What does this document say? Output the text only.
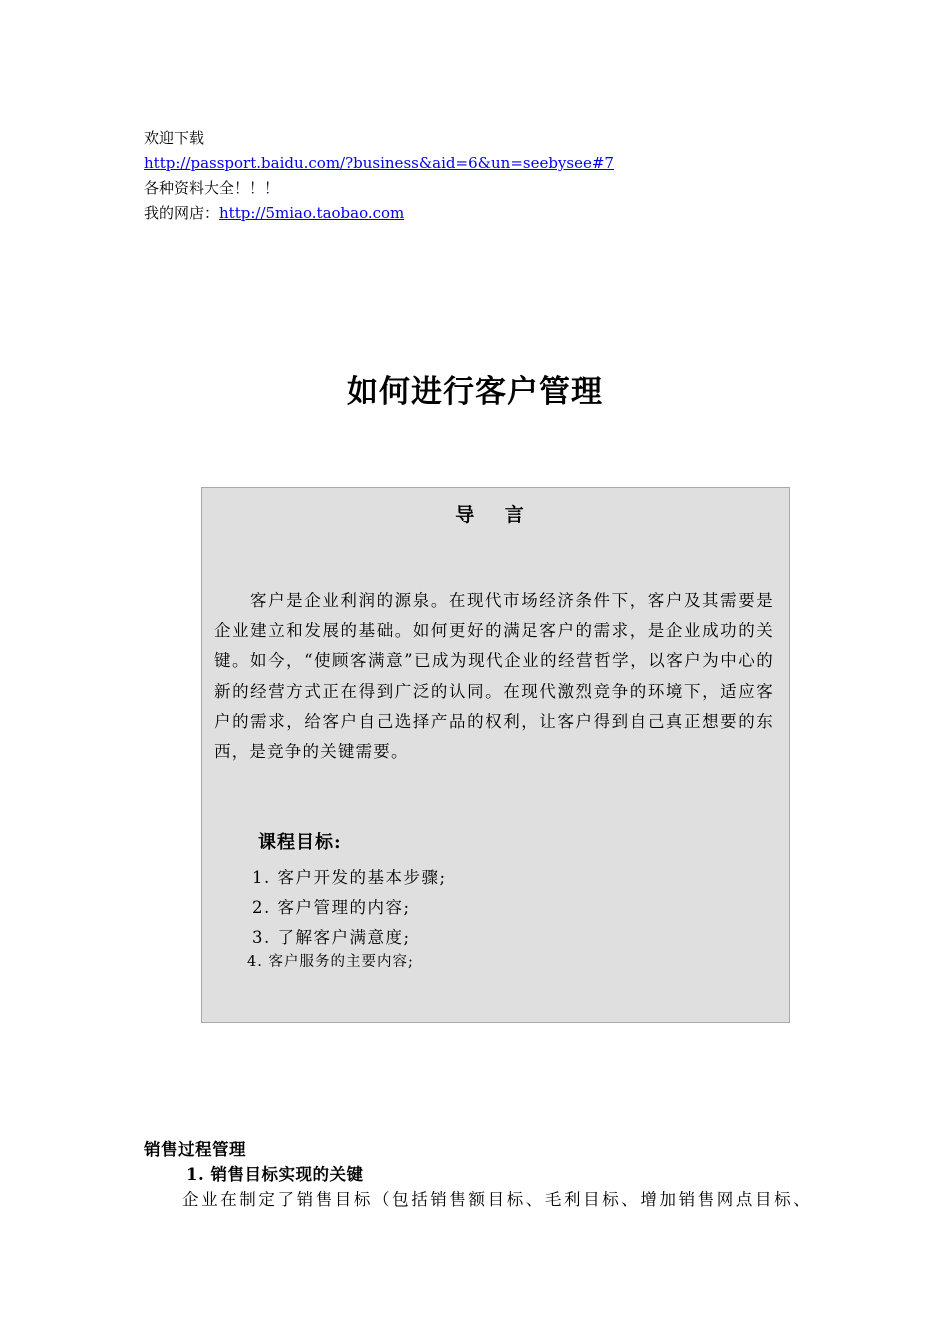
欢迎下载
http://passport.baidu.com/?business&aid=6&un=seebysee#7
各种资料大全！！！
我的网店：http://5miao.taobao.com
如何进行客户管理
导 言

客户是企业利润的源泉。在现代市场经济条件下，客户及其需要是企业建立和发展的基础。如何更好的满足客户的需求，是企业成功的关键。如今，“使顾客满意”已成为现代企业的经营哲学，以客户为中心的新的经营方式正在得到广泛的认同。在现代激烈竞争的环境下，适应客户的需求，给客户自己选择产品的权利，让客户得到自己真正想要的东西，是竞争的关键需要。

课程目标:
1. 客户开发的基本步骤;
2. 客户管理的内容;
3. 了解客户满意度;
4. 客户服务的主要内容;
销售过程管理
1. 销售目标实现的关键
企业在制定了销售目标（包括销售额目标、毛利目标、增加销售网点目标、
